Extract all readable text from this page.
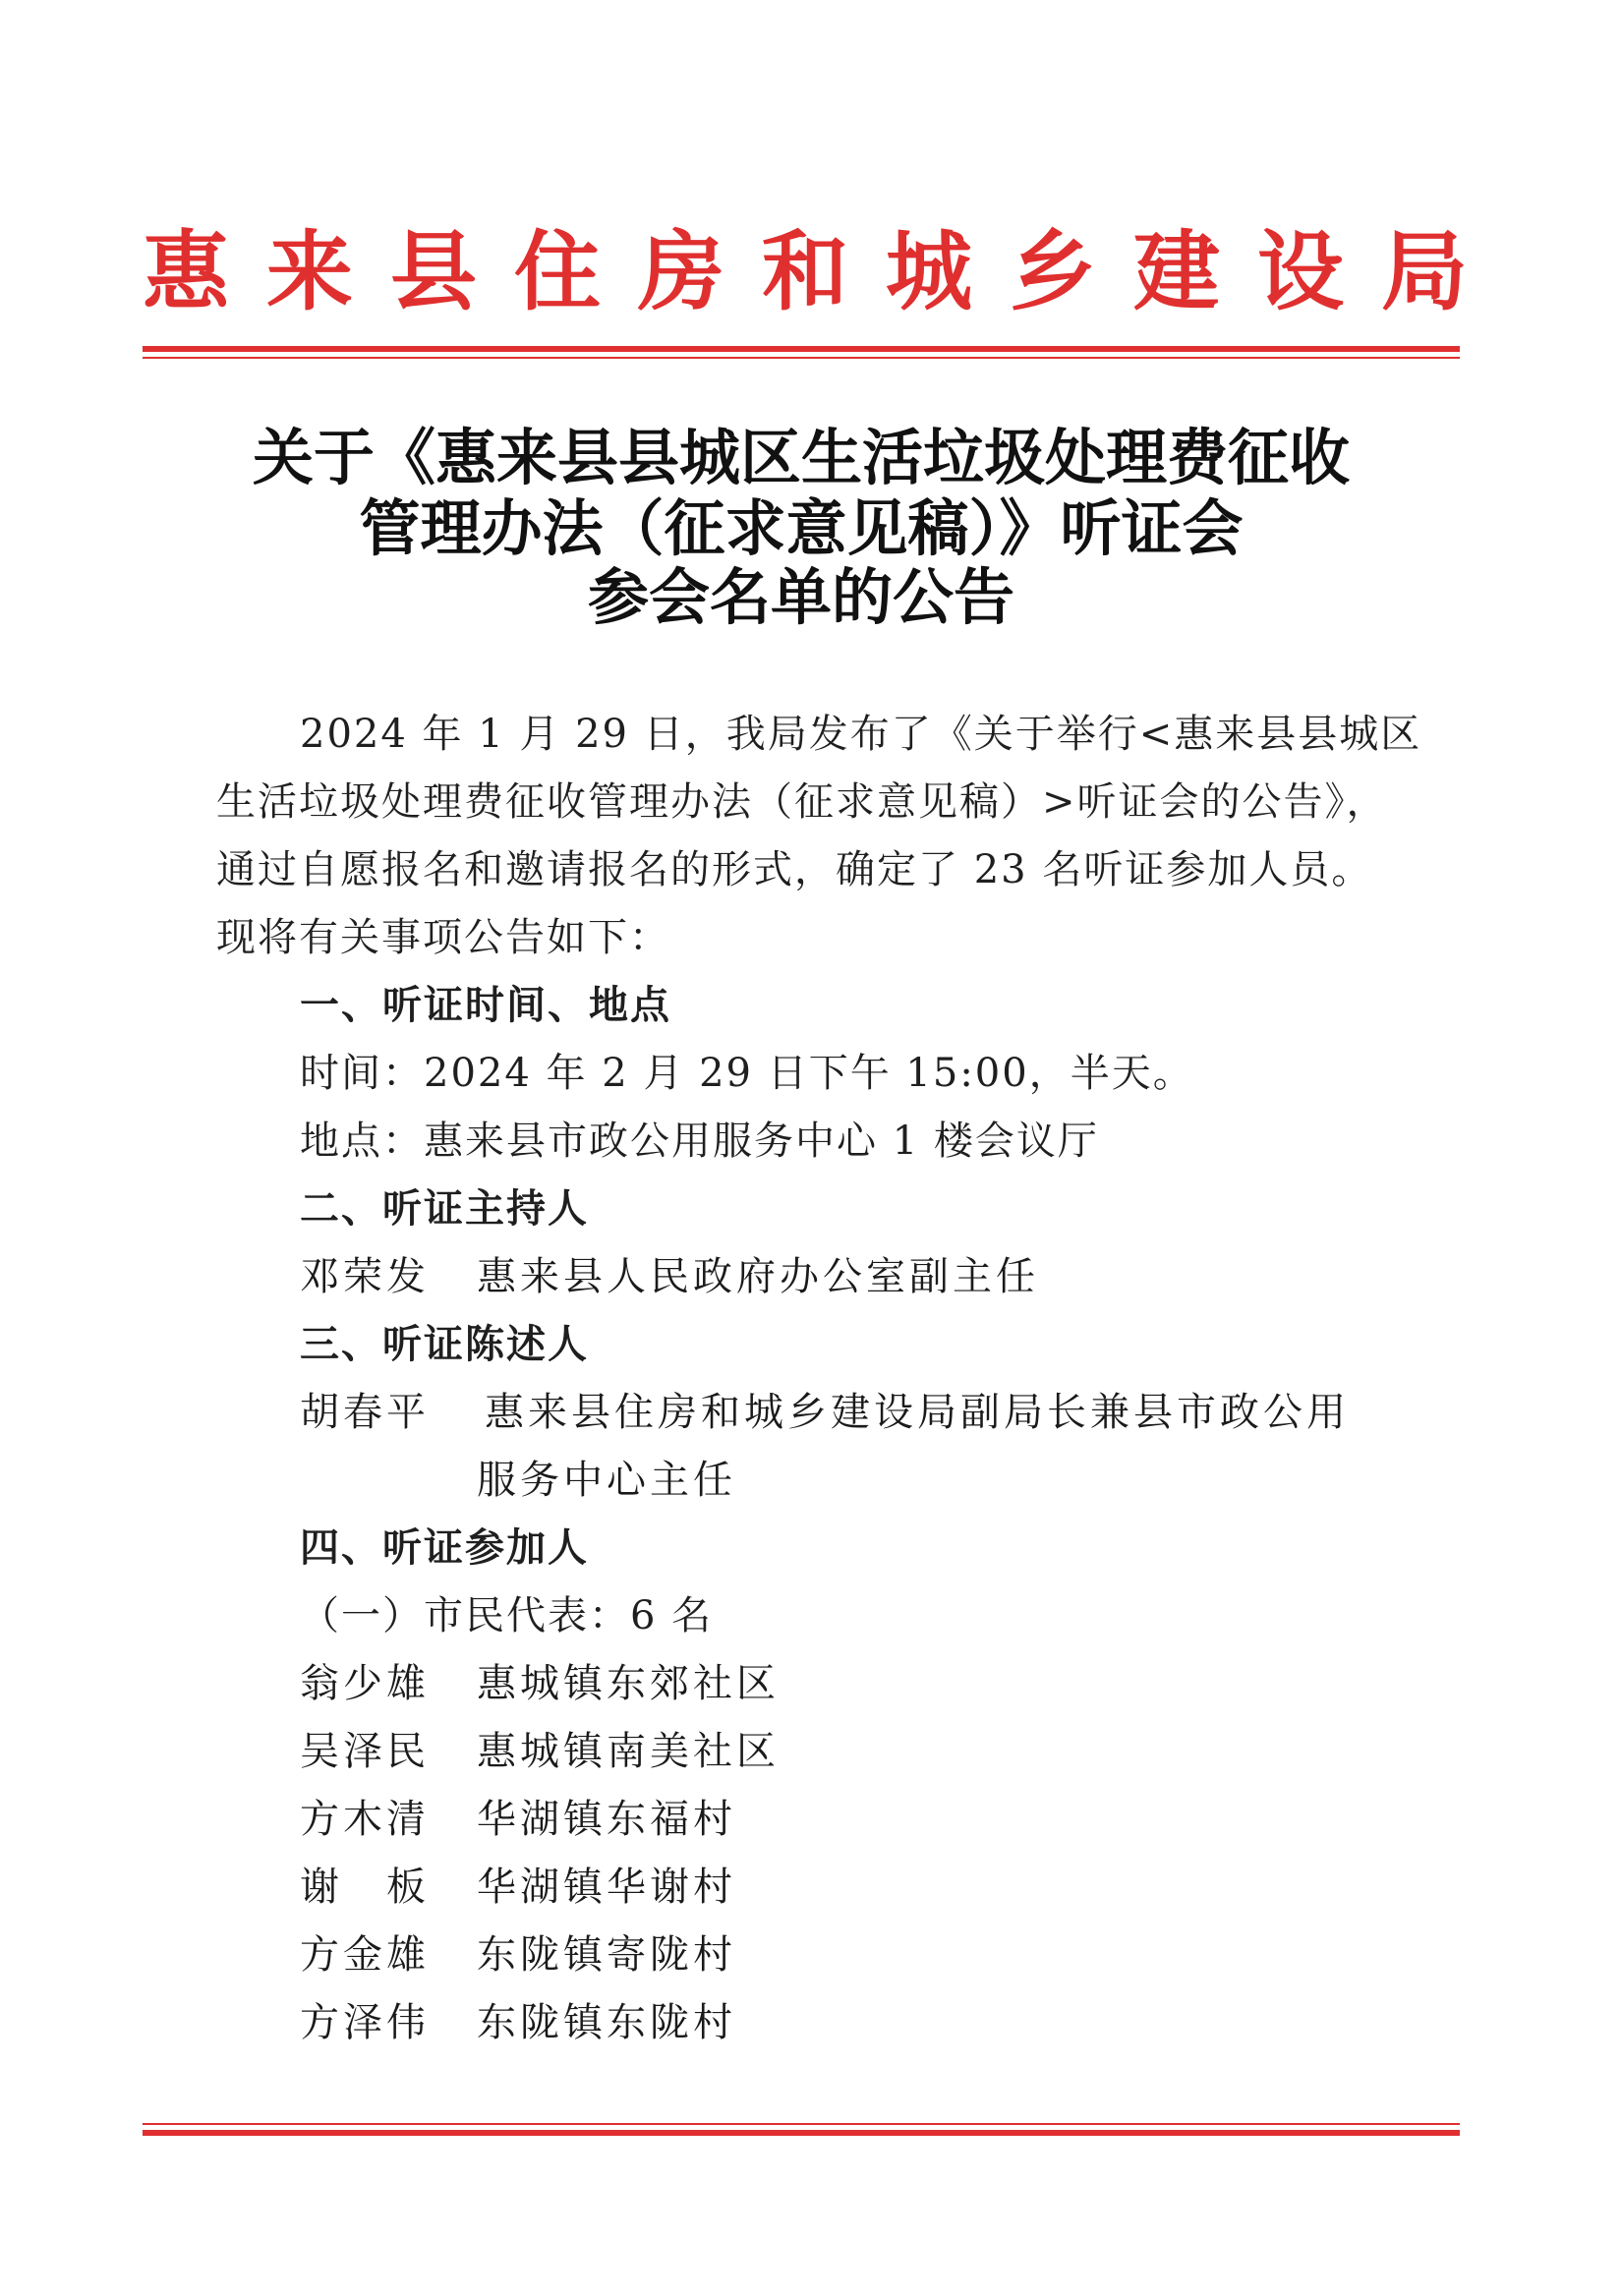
惠来县住房和城乡建设局
关于《惠来县县城区生活垃圾处理费征收
管理办法（征求意见稿）》听证会
参会名单的公告
2024 年 1 月 29 日，我局发布了《关于举行<惠来县县城区
生活垃圾处理费征收管理办法（征求意见稿）>听证会的公告》，
通过自愿报名和邀请报名的形式，确定了 23 名听证参加人员。
现将有关事项公告如下：
一、听证时间、地点
时间：2024 年 2 月 29 日下午 15:00，半天。
地点：惠来县市政公用服务中心 1 楼会议厅
二、听证主持人
邓荣发 惠来县人民政府办公室副主任
三、听证陈述人
胡春平 惠来县住房和城乡建设局副局长兼县市政公用
服务中心主任
四、听证参加人
（一）市民代表：6 名
翁少雄 惠城镇东郊社区
吴泽民 惠城镇南美社区
方木清 华湖镇东福村
谢　板 华湖镇华谢村
方金雄 东陇镇寄陇村
方泽伟 东陇镇东陇村
